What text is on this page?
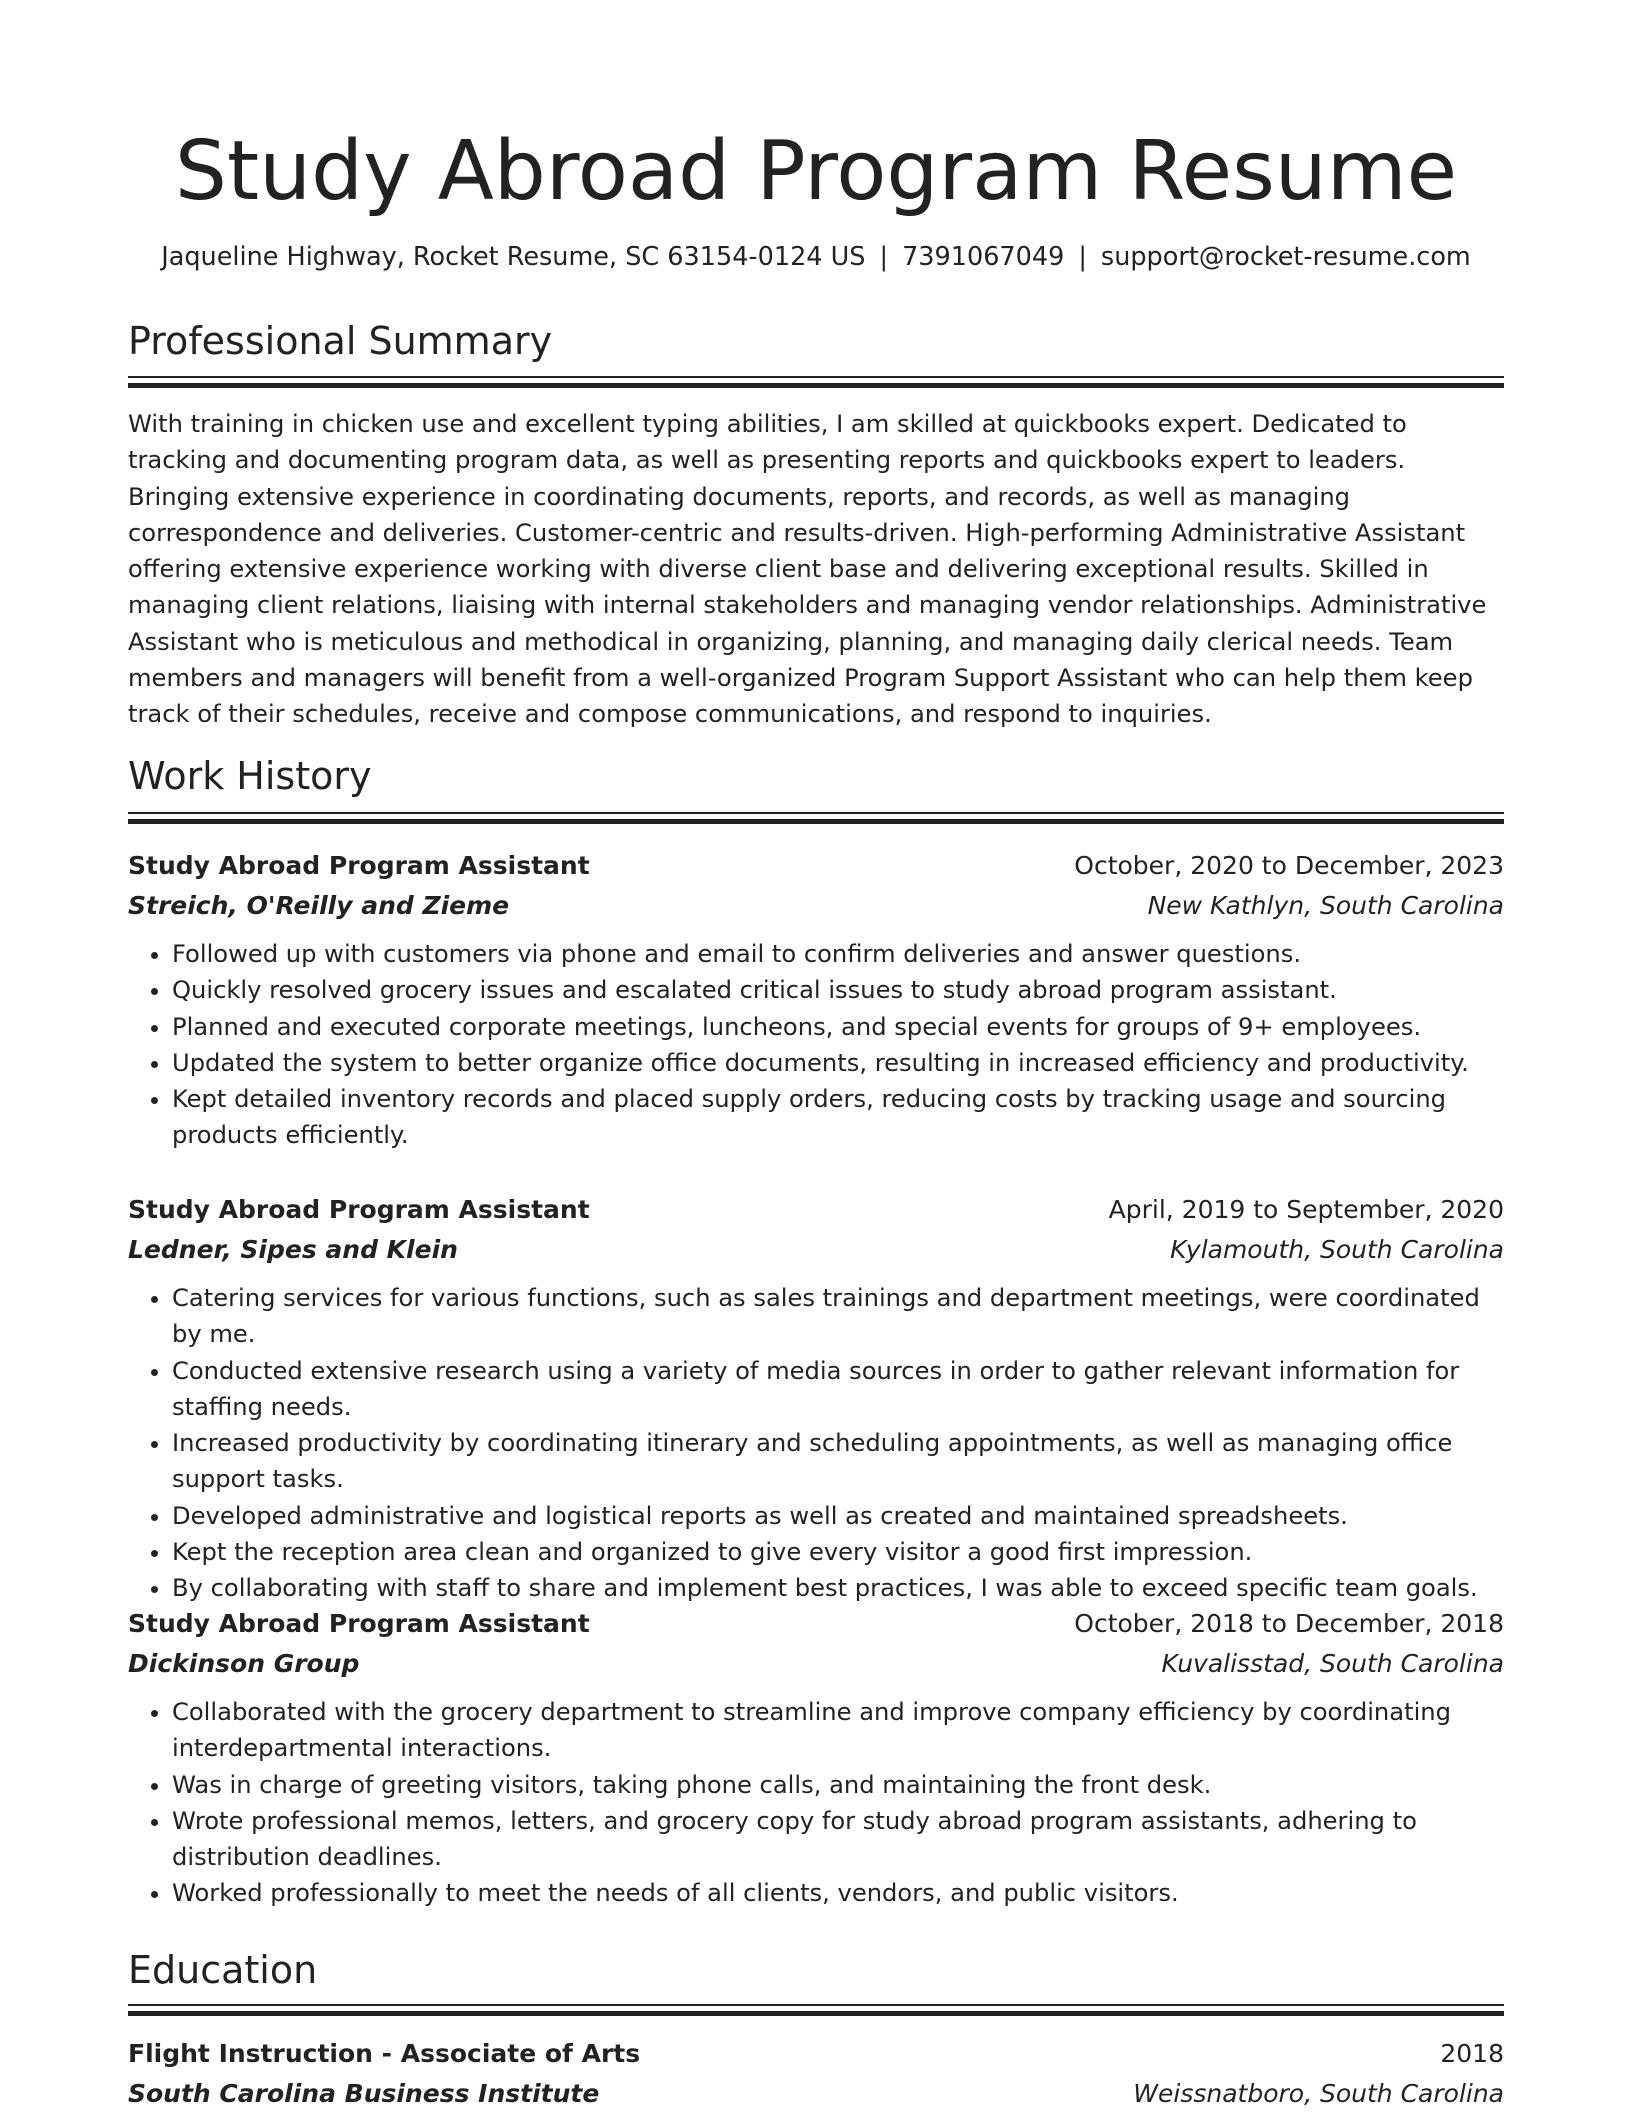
Study Abroad Program Resume
Jaqueline Highway, Rocket Resume, SC 63154-0124 US | 7391067049 | support@rocket-resume.com
Professional Summary

With training in chicken use and excellent typing abilities, I am skilled at quickbooks expert. Dedicated to tracking and documenting program data, as well as presenting reports and quickbooks expert to leaders. Bringing extensive experience in coordinating documents, reports, and records, as well as managing correspondence and deliveries. Customer-centric and results-driven. High-performing Administrative Assistant offering extensive experience working with diverse client base and delivering exceptional results. Skilled in managing client relations, liaising with internal stakeholders and managing vendor relationships. Administrative Assistant who is meticulous and methodical in organizing, planning, and managing daily clerical needs. Team members and managers will benefit from a well-organized Program Support Assistant who can help them keep track of their schedules, receive and compose communications, and respond to inquiries.

Work History
Study Abroad Program Assistant	October, 2020 to December, 2023
Streich, O'Reilly and Zieme	New Kathlyn, South Carolina
• Followed up with customers via phone and email to confirm deliveries and answer questions.
• Quickly resolved grocery issues and escalated critical issues to study abroad program assistant.
• Planned and executed corporate meetings, luncheons, and special events for groups of 9+ employees.
• Updated the system to better organize office documents, resulting in increased efficiency and productivity.
• Kept detailed inventory records and placed supply orders, reducing costs by tracking usage and sourcing products efficiently.
Study Abroad Program Assistant	April, 2019 to September, 2020
Ledner, Sipes and Klein	Kylamouth, South Carolina
• Catering services for various functions, such as sales trainings and department meetings, were coordinated by me.
• Conducted extensive research using a variety of media sources in order to gather relevant information for staffing needs.
• Increased productivity by coordinating itinerary and scheduling appointments, as well as managing office support tasks.
• Developed administrative and logistical reports as well as created and maintained spreadsheets.
• Kept the reception area clean and organized to give every visitor a good first impression.
• By collaborating with staff to share and implement best practices, I was able to exceed specific team goals.
Study Abroad Program Assistant	October, 2018 to December, 2018
Dickinson Group	Kuvalisstad, South Carolina
• Collaborated with the grocery department to streamline and improve company efficiency by coordinating interdepartmental interactions.
• Was in charge of greeting visitors, taking phone calls, and maintaining the front desk.
• Wrote professional memos, letters, and grocery copy for study abroad program assistants, adhering to distribution deadlines.
• Worked professionally to meet the needs of all clients, vendors, and public visitors.
Education
Flight Instruction - Associate of Arts	2018
South Carolina Business Institute	Weissnatboro, South Carolina
